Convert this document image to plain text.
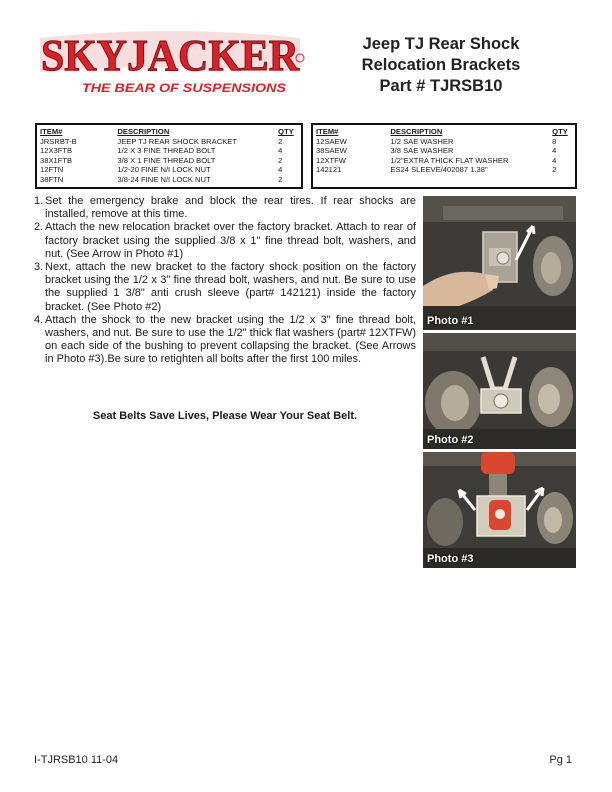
SKYJACKER
THE BEAR OF SUSPENSIONS
Jeep TJ Rear Shock
Relocation Brackets
Part # TJRSB10
ITEM#	DESCRIPTION	QTY
JRSRBT-B	JEEP TJ REAR SHOCK BRACKET	2
12X3FTB	1/2 X 3 FINE THREAD BOLT	4
38X1FTB	3/8 X 1 FINE THREAD BOLT	2
12FTN	1/2-20 FINE N/I LOCK NUT	4
38FTN	3/8-24 FINE N/I LOCK NUT	2
ITEM#	DESCRIPTION	QTY
12SAEW	1/2 SAE WASHER	8
38SAEW	3/8 SAE WASHER	4
12XTFW	1/2"EXTRA THICK FLAT WASHER	4
142121	ES24 SLEEVE/402087 1.38"	2
1. Set the emergency brake and block the rear tires. If rear shocks are installed, remove at this time.
2. Attach the new relocation bracket over the factory bracket. Attach to rear of factory bracket using the supplied 3/8 x 1" fine thread bolt, washers, and nut. (See Arrow in Photo #1)
3. Next, attach the new bracket to the factory shock position on the factory bracket using the 1/2 x 3" fine thread bolt, washers, and nut. Be sure to use the supplied 1 3/8" anti crush sleeve (part# 142121) inside the factory bracket. (See Photo #2)
4. Attach the shock to the new bracket using the 1/2 x 3" fine thread bolt, washers, and nut. Be sure to use the 1/2" thick flat washers (part# 12XTFW) on each side of the bushing to prevent collapsing the bracket. (See Arrows in Photo #3).Be sure to retighten all bolts after the first 100 miles.
Seat Belts Save Lives, Please Wear Your Seat Belt.
Photo #1
Photo #2
Photo #3
I-TJRSB10 11-04	Pg 1
